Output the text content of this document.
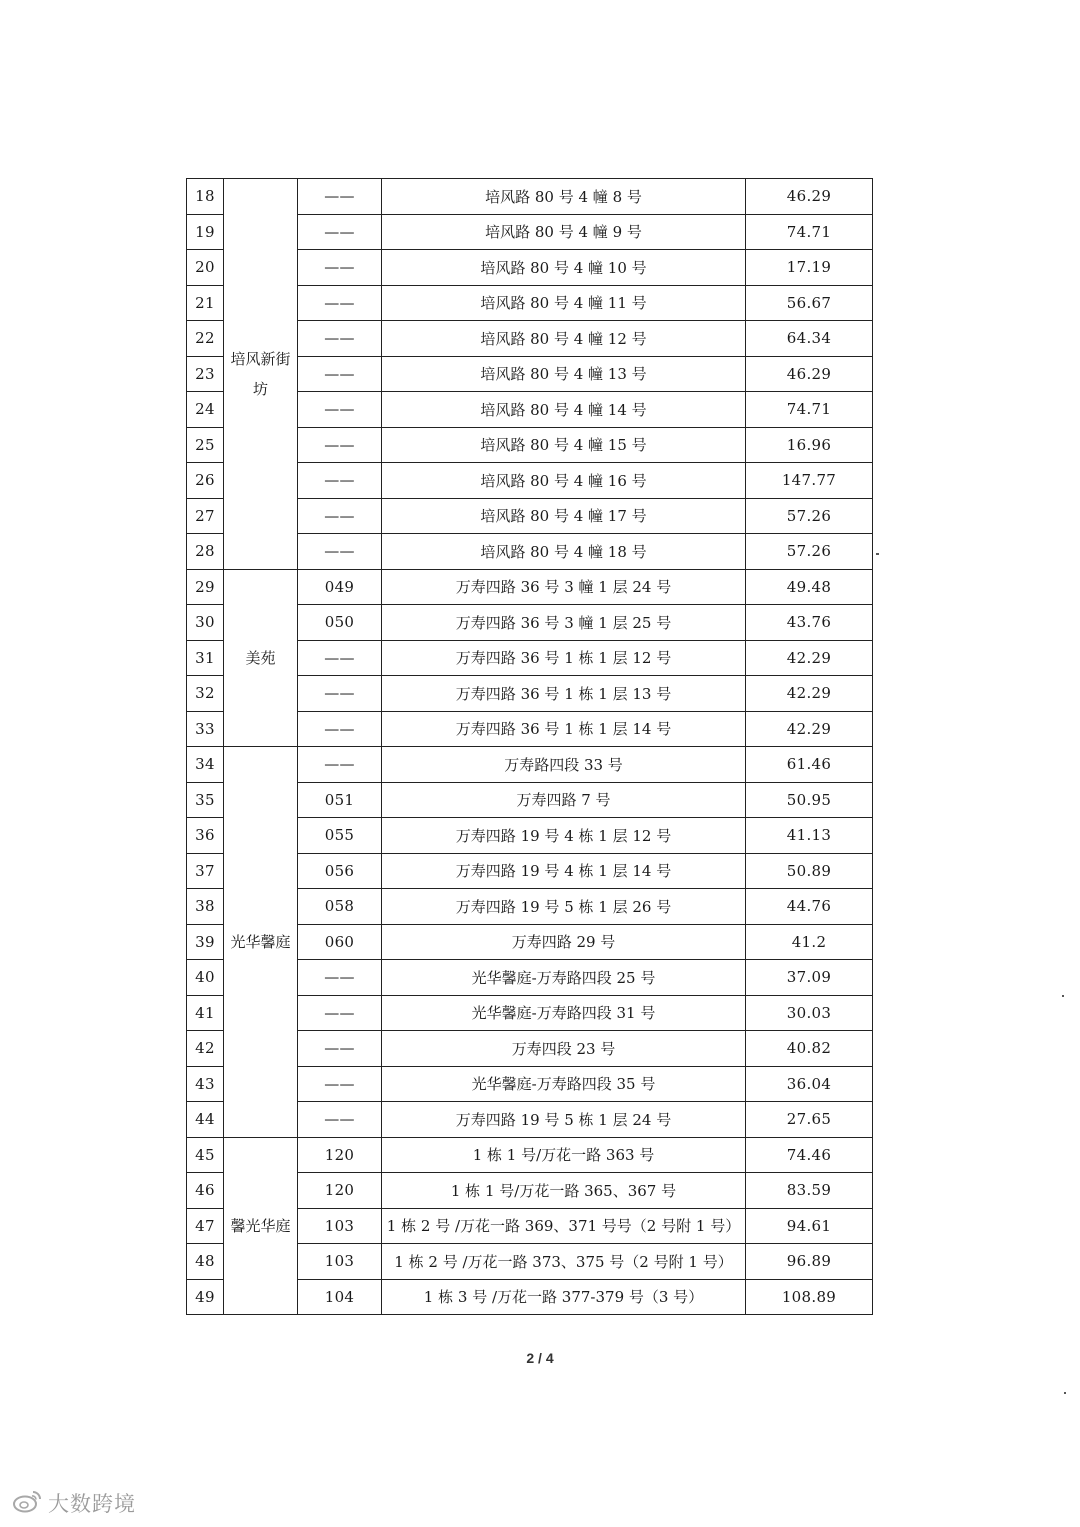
18	培风新街坊	——	培风路 80 号 4 幢 8 号	46.29
19		——	培风路 80 号 4 幢 9 号	74.71
20		——	培风路 80 号 4 幢 10 号	17.19
21		——	培风路 80 号 4 幢 11 号	56.67
22		——	培风路 80 号 4 幢 12 号	64.34
23		——	培风路 80 号 4 幢 13 号	46.29
24		——	培风路 80 号 4 幢 14 号	74.71
25		——	培风路 80 号 4 幢 15 号	16.96
26		——	培风路 80 号 4 幢 16 号	147.77
27		——	培风路 80 号 4 幢 17 号	57.26
28		——	培风路 80 号 4 幢 18 号	57.26
29	美苑	049	万寿四路 36 号 3 幢 1 层 24 号	49.48
30		050	万寿四路 36 号 3 幢 1 层 25 号	43.76
31		——	万寿四路 36 号 1 栋 1 层 12 号	42.29
32		——	万寿四路 36 号 1 栋 1 层 13 号	42.29
33		——	万寿四路 36 号 1 栋 1 层 14 号	42.29
34	光华馨庭	——	万寿路四段 33 号	61.46
35		051	万寿四路 7 号	50.95
36		055	万寿四路 19 号 4 栋 1 层 12 号	41.13
37		056	万寿四路 19 号 4 栋 1 层 14 号	50.89
38		058	万寿四路 19 号 5 栋 1 层 26 号	44.76
39		060	万寿四路 29 号	41.2
40		——	光华馨庭-万寿路四段 25 号	37.09
41		——	光华馨庭-万寿路四段 31 号	30.03
42		——	万寿四段 23 号	40.82
43		——	光华馨庭-万寿路四段 35 号	36.04
44		——	万寿四路 19 号 5 栋 1 层 24 号	27.65
45	馨光华庭	120	1 栋 1 号/万花一路 363 号	74.46
46		120	1 栋 1 号/万花一路 365、367 号	83.59
47		103	1 栋 2 号 /万花一路 369、371 号号（2 号附 1 号）	94.61
48		103	1 栋 2 号 /万花一路 373、375 号（2 号附 1 号）	96.89
49		104	1 栋 3 号 /万花一路 377-379 号（3 号）	108.89
2 / 4
大数跨境
